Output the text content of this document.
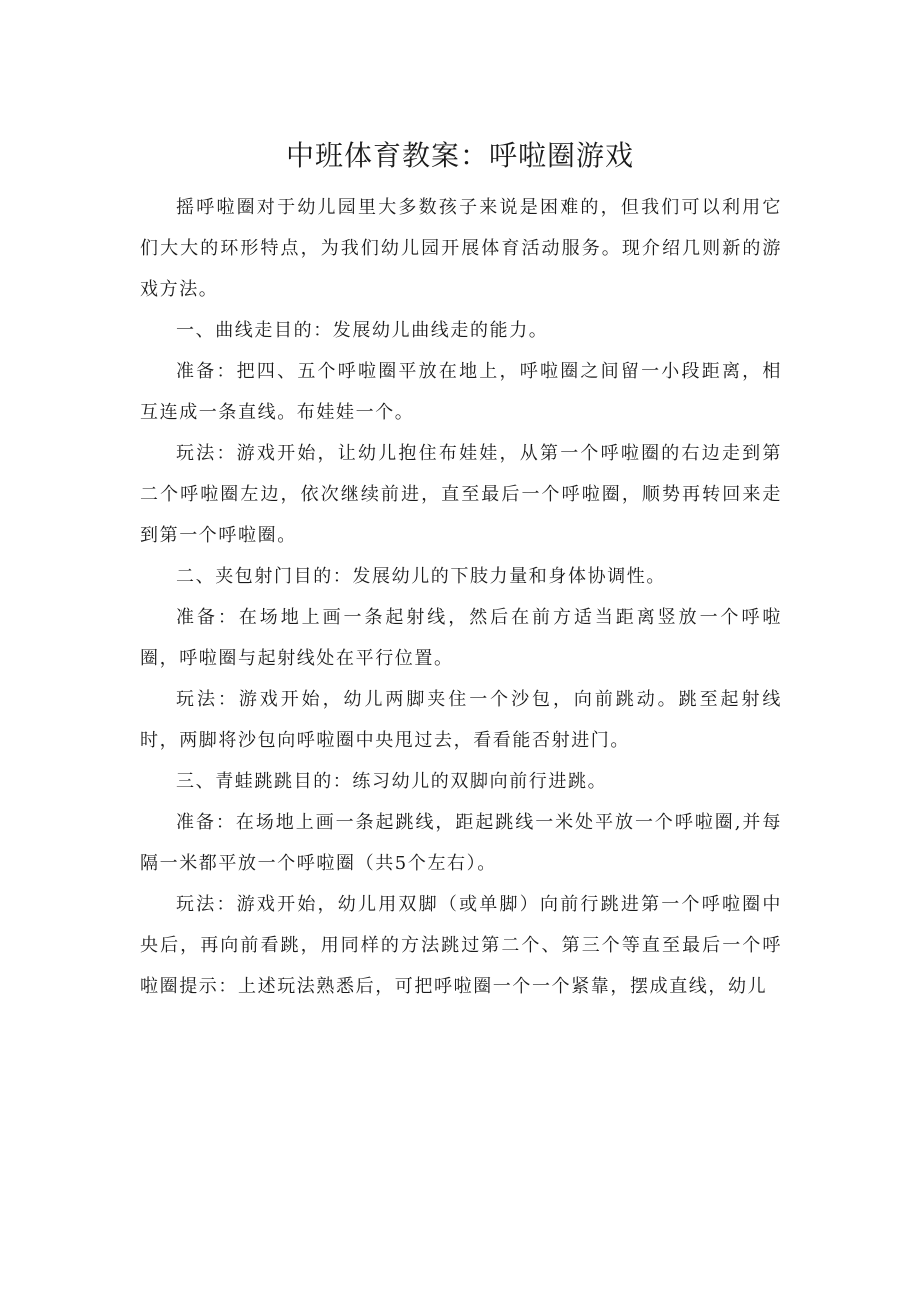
中班体育教案：呼啦圈游戏

摇呼啦圈对于幼儿园里大多数孩子来说是困难的，但我们可以利用它们大大的环形特点，为我们幼儿园开展体育活动服务。现介绍几则新的游戏方法。

一、曲线走目的：发展幼儿曲线走的能力。

准备：把四、五个呼啦圈平放在地上，呼啦圈之间留一小段距离，相互连成一条直线。布娃娃一个。

玩法：游戏开始，让幼儿抱住布娃娃，从第一个呼啦圈的右边走到第二个呼啦圈左边，依次继续前进，直至最后一个呼啦圈，顺势再转回来走到第一个呼啦圈。

二、夹包射门目的：发展幼儿的下肢力量和身体协调性。

准备：在场地上画一条起射线，然后在前方适当距离竖放一个呼啦圈，呼啦圈与起射线处在平行位置。

玩法：游戏开始，幼儿两脚夹住一个沙包，向前跳动。跳至起射线时，两脚将沙包向呼啦圈中央甩过去，看看能否射进门。

三、青蛙跳跳目的：练习幼儿的双脚向前行进跳。

准备：在场地上画一条起跳线，距起跳线一米处平放一个呼啦圈,并每隔一米都平放一个呼啦圈（共5个左右）。

玩法：游戏开始，幼儿用双脚（或单脚）向前行跳进第一个呼啦圈中央后，再向前看跳，用同样的方法跳过第二个、第三个等直至最后一个呼啦圈提示：上述玩法熟悉后，可把呼啦圈一个一个紧靠，摆成直线，幼儿
